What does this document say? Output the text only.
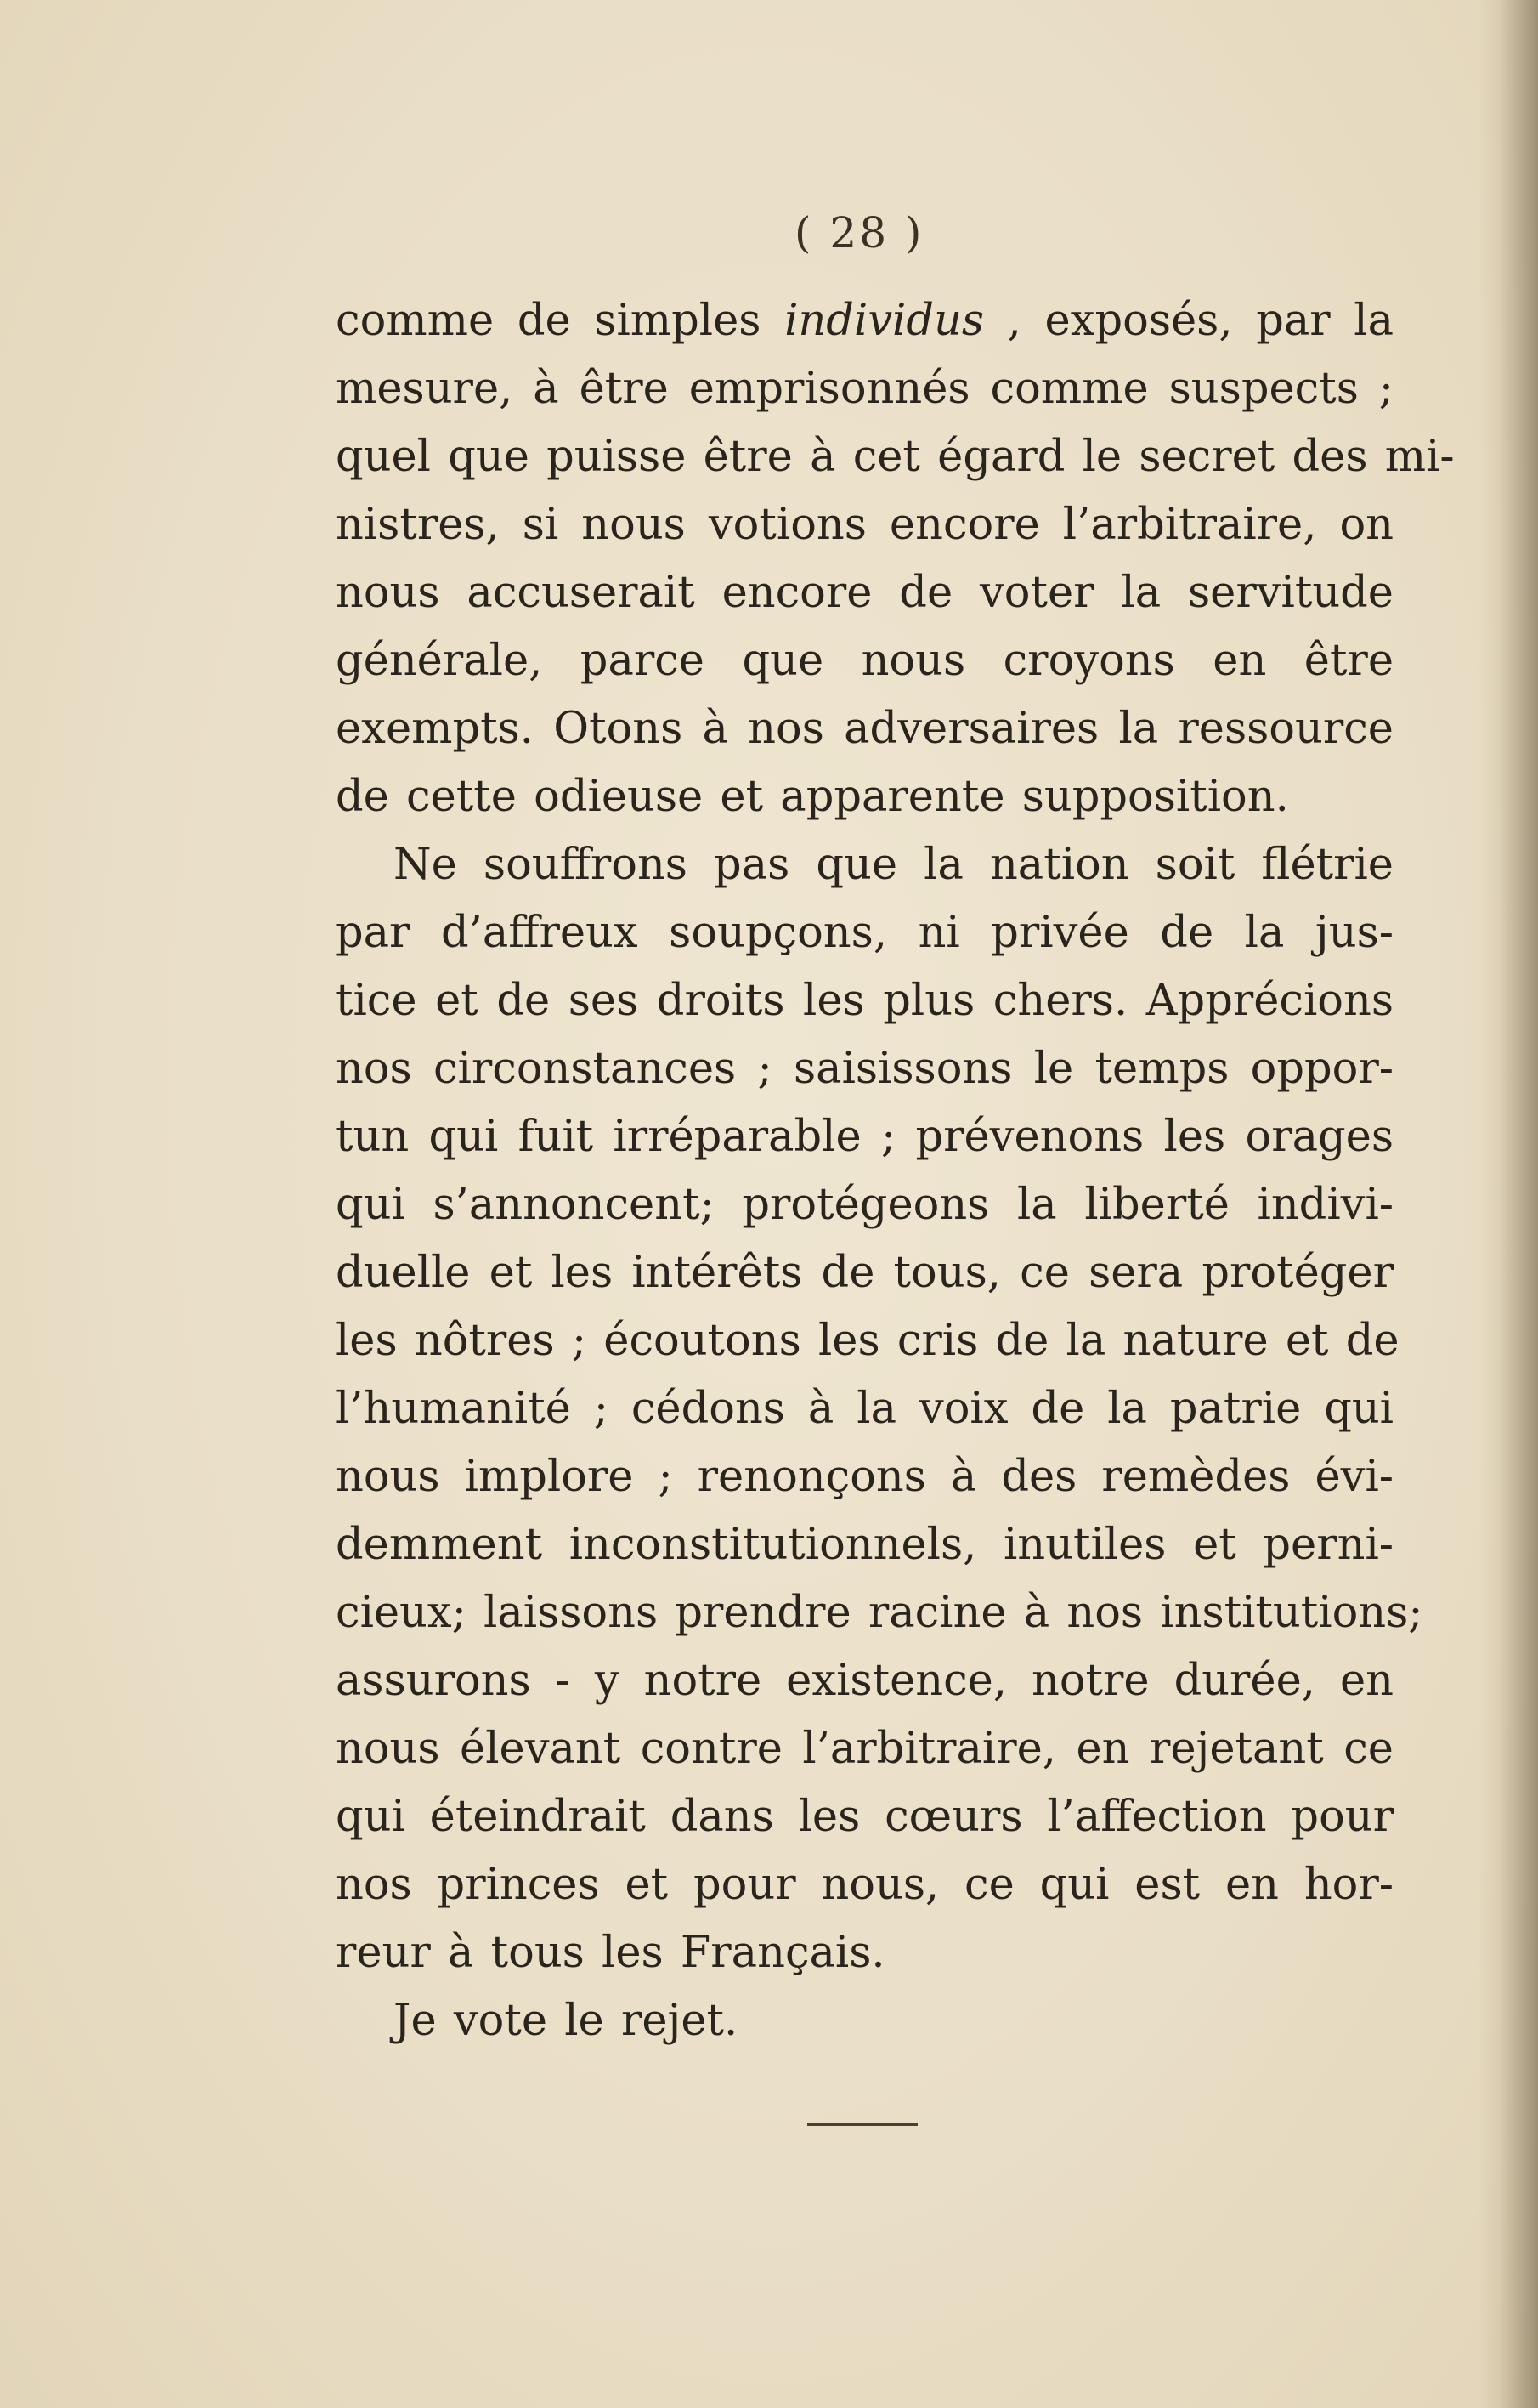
( 28 )
comme de simples individus , exposés, par la
mesure, à être emprisonnés comme suspects ;
quel que puisse être à cet égard le secret des mi-
nistres, si nous votions encore l’arbitraire, on
nous accuserait encore de voter la servitude
générale, parce que nous croyons en être
exempts. Otons à nos adversaires la ressource
de cette odieuse et apparente supposition.
Ne souffrons pas que la nation soit flétrie
par d’affreux soupçons, ni privée de la jus-
tice et de ses droits les plus chers. Apprécions
nos circonstances ; saisissons le temps oppor-
tun qui fuit irréparable ; prévenons les orages
qui s’annoncent; protégeons la liberté indivi-
duelle et les intérêts de tous, ce sera protéger
les nôtres ; écoutons les cris de la nature et de
l’humanité ; cédons à la voix de la patrie qui
nous implore ; renonçons à des remèdes évi-
demment inconstitutionnels, inutiles et perni-
cieux; laissons prendre racine à nos institutions;
assurons - y notre existence, notre durée, en
nous élevant contre l’arbitraire, en rejetant ce
qui éteindrait dans les cœurs l’affection pour
nos princes et pour nous, ce qui est en hor-
reur à tous les Français.
Je vote le rejet.
